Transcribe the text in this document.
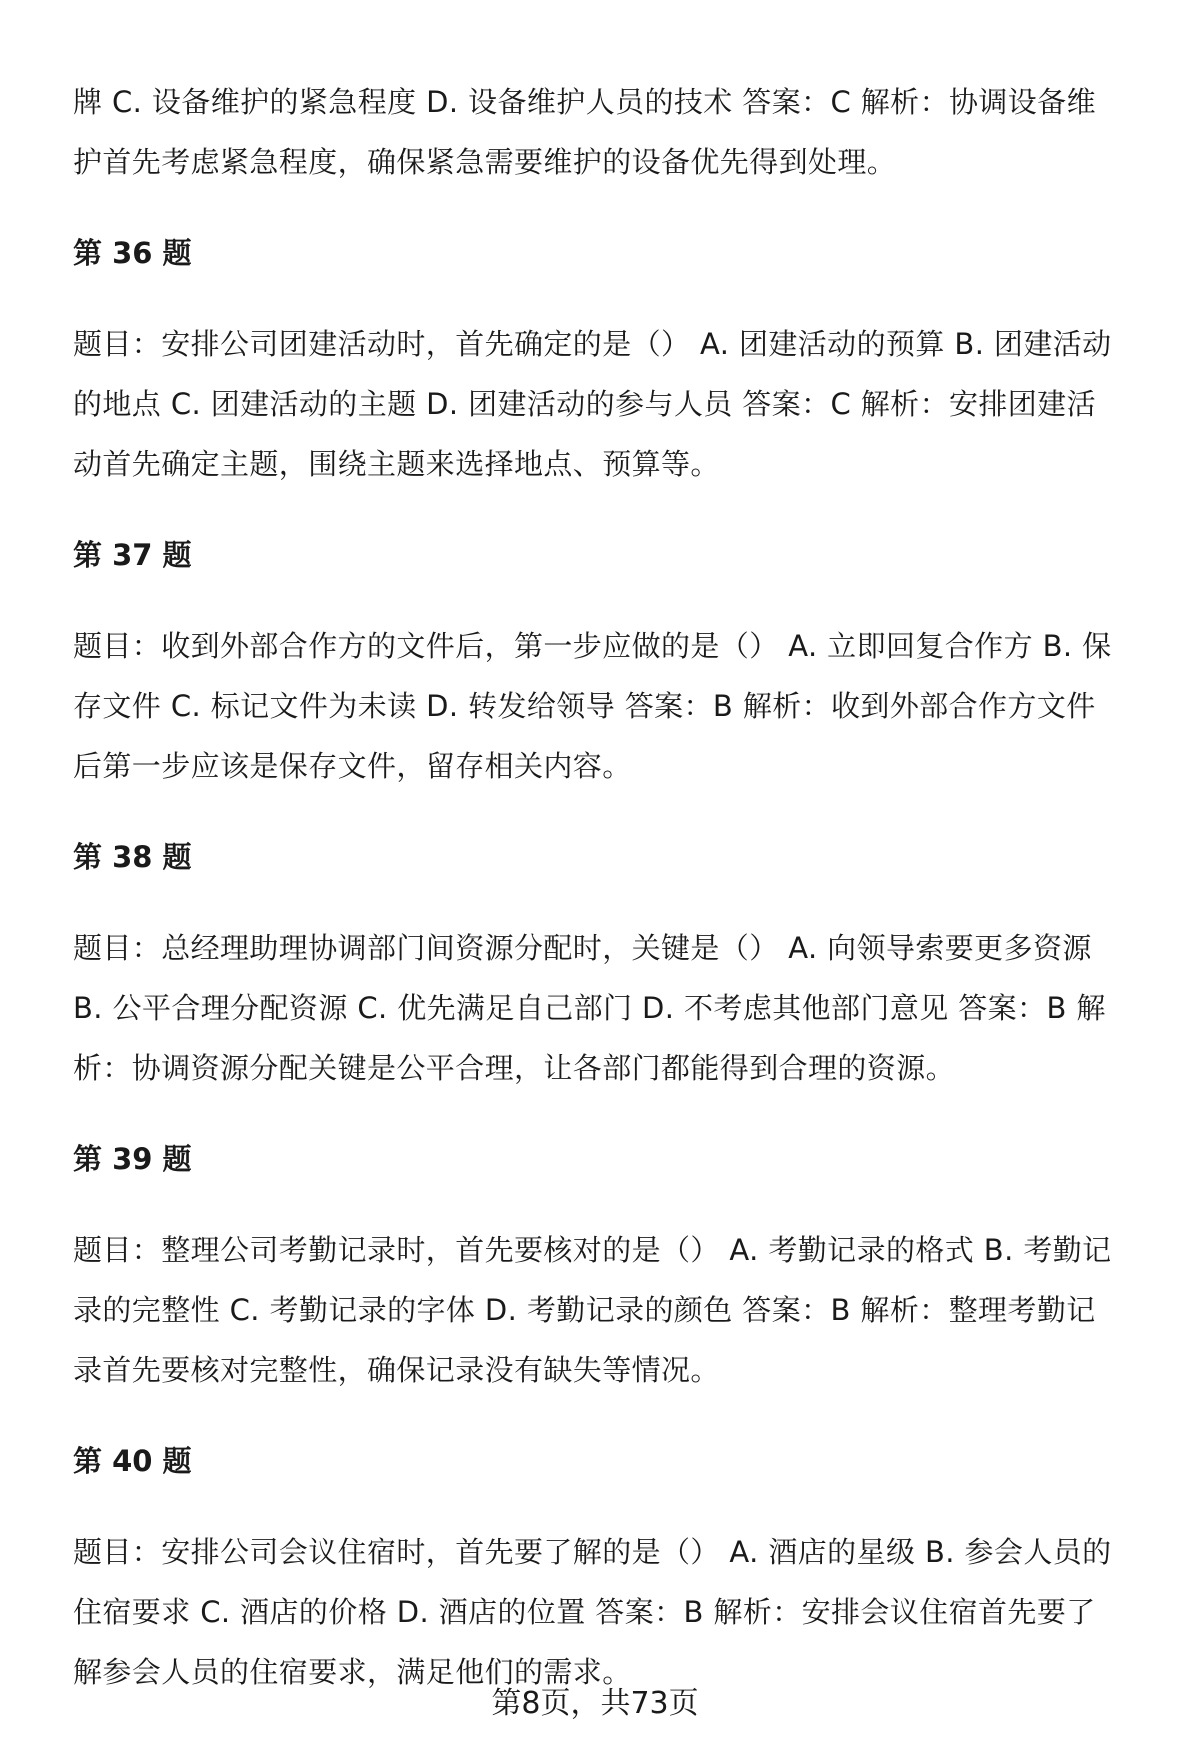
牌 C. 设备维护的紧急程度 D. 设备维护人员的技术 答案：C 解析：协调设备维护首先考虑紧急程度，确保紧急需要维护的设备优先得到处理。

第 36 题

题目：安排公司团建活动时，首先确定的是（） A. 团建活动的预算 B. 团建活动的地点 C. 团建活动的主题 D. 团建活动的参与人员 答案：C 解析：安排团建活动首先确定主题，围绕主题来选择地点、预算等。

第 37 题

题目：收到外部合作方的文件后，第一步应做的是（） A. 立即回复合作方 B. 保存文件 C. 标记文件为未读 D. 转发给领导 答案：B 解析：收到外部合作方文件后第一步应该是保存文件，留存相关内容。

第 38 题

题目：总经理助理协调部门间资源分配时，关键是（） A. 向领导索要更多资源 B. 公平合理分配资源 C. 优先满足自己部门 D. 不考虑其他部门意见 答案：B 解析：协调资源分配关键是公平合理，让各部门都能得到合理的资源。

第 39 题

题目：整理公司考勤记录时，首先要核对的是（） A. 考勤记录的格式 B. 考勤记录的完整性 C. 考勤记录的字体 D. 考勤记录的颜色 答案：B 解析：整理考勤记录首先要核对完整性，确保记录没有缺失等情况。

第 40 题

题目：安排公司会议住宿时，首先要了解的是（） A. 酒店的星级 B. 参会人员的住宿要求 C. 酒店的价格 D. 酒店的位置 答案：B 解析：安排会议住宿首先要了解参会人员的住宿要求，满足他们的需求。

第8页，共73页
